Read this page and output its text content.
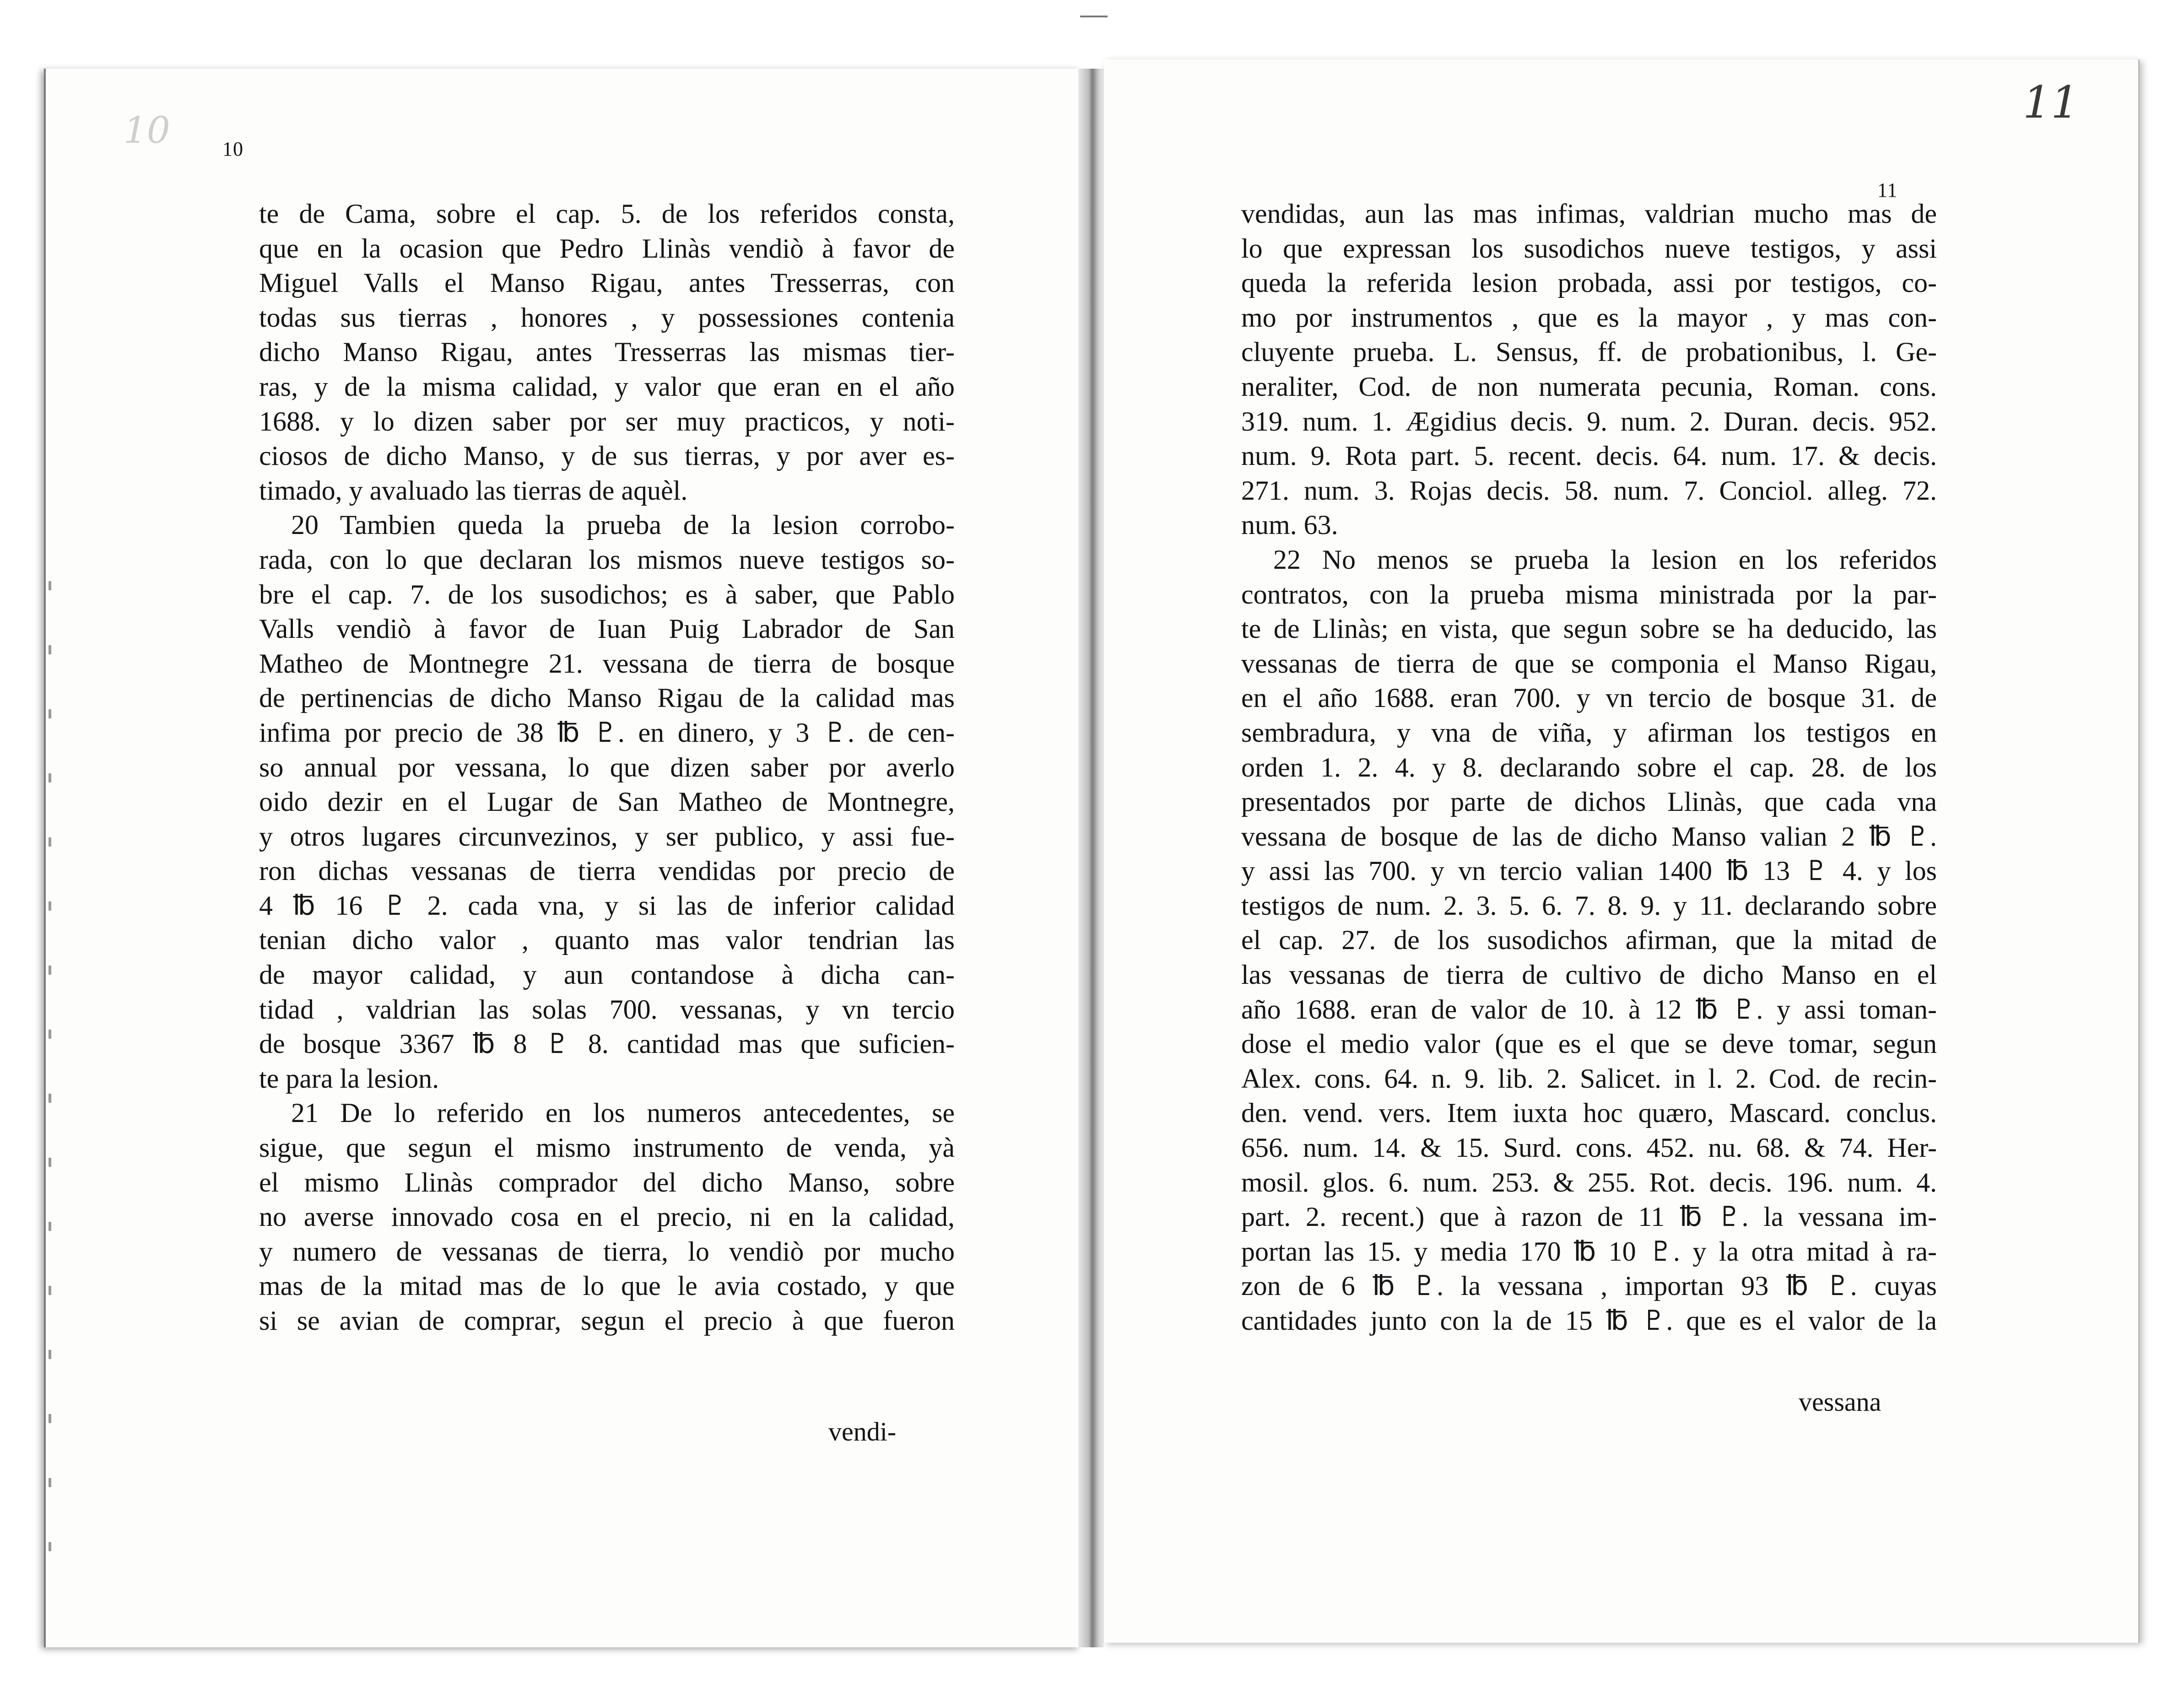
10
11
10
11
te de Cama, sobre el cap. 5. de los referidos consta,
que en la ocasion que Pedro Llinàs vendiò à favor de
Miguel Valls el Manso Rigau, antes Tresserras, con
todas sus tierras , honores , y possessiones contenia
dicho Manso Rigau, antes Tresserras las mismas tier-
ras, y de la misma calidad, y valor que eran en el año
1688. y lo dizen saber por ser muy practicos, y noti-
ciosos de dicho Manso, y de sus tierras, y por aver es-
timado, y avaluado las tierras de aquèl.
20 Tambien queda la prueba de la lesion corrobo-
rada, con lo que declaran los mismos nueve testigos so-
bre el cap. 7. de los susodichos; es à saber, que Pablo
Valls vendiò à favor de Iuan Puig Labrador de San
Matheo de Montnegre 21. vessana de tierra de bosque
de pertinencias de dicho Manso Rigau de la calidad mas
infima por precio de 38 ℔ ♇. en dinero, y 3 ♇. de cen-
so annual por vessana, lo que dizen saber por averlo
oido dezir en el Lugar de San Matheo de Montnegre,
y otros lugares circunvezinos, y ser publico, y assi fue-
ron dichas vessanas de tierra vendidas por precio de
4 ℔ 16 ♇ 2. cada vna, y si las de inferior calidad
tenian dicho valor , quanto mas valor tendrian las
de mayor calidad, y aun contandose à dicha can-
tidad , valdrian las solas 700. vessanas, y vn tercio
de bosque 3367 ℔ 8 ♇ 8. cantidad mas que suficien-
te para la lesion.
21 De lo referido en los numeros antecedentes, se
sigue, que segun el mismo instrumento de venda, yà
el mismo Llinàs comprador del dicho Manso, sobre
no averse innovado cosa en el precio, ni en la calidad,
y numero de vessanas de tierra, lo vendiò por mucho
mas de la mitad mas de lo que le avia costado, y que
si se avian de comprar, segun el precio à que fueron
vendidas, aun las mas infimas, valdrian mucho mas de
lo que expressan los susodichos nueve testigos, y assi
queda la referida lesion probada, assi por testigos, co-
mo por instrumentos , que es la mayor , y mas con-
cluyente prueba. L. Sensus, ff. de probationibus, l. Ge-
neraliter, Cod. de non numerata pecunia, Roman. cons.
319. num. 1. Ægidius decis. 9. num. 2. Duran. decis. 952.
num. 9. Rota part. 5. recent. decis. 64. num. 17. & decis.
271. num. 3. Rojas decis. 58. num. 7. Conciol. alleg. 72.
num. 63.
22 No menos se prueba la lesion en los referidos
contratos, con la prueba misma ministrada por la par-
te de Llinàs; en vista, que segun sobre se ha deducido, las
vessanas de tierra de que se componia el Manso Rigau,
en el año 1688. eran 700. y vn tercio de bosque 31. de
sembradura, y vna de viña, y afirman los testigos en
orden 1. 2. 4. y 8. declarando sobre el cap. 28. de los
presentados por parte de dichos Llinàs, que cada vna
vessana de bosque de las de dicho Manso valian 2 ℔ ♇.
y assi las 700. y vn tercio valian 1400 ℔ 13 ♇ 4. y los
testigos de num. 2. 3. 5. 6. 7. 8. 9. y 11. declarando sobre
el cap. 27. de los susodichos afirman, que la mitad de
las vessanas de tierra de cultivo de dicho Manso en el
año 1688. eran de valor de 10. à 12 ℔ ♇. y assi toman-
dose el medio valor (que es el que se deve tomar, segun
Alex. cons. 64. n. 9. lib. 2. Salicet. in l. 2. Cod. de recin-
den. vend. vers. Item iuxta hoc quæro, Mascard. conclus.
656. num. 14. & 15. Surd. cons. 452. nu. 68. & 74. Her-
mosil. glos. 6. num. 253. & 255. Rot. decis. 196. num. 4.
part. 2. recent.) que à razon de 11 ℔ ♇. la vessana im-
portan las 15. y media 170 ℔ 10 ♇. y la otra mitad à ra-
zon de 6 ℔ ♇. la vessana , importan 93 ℔ ♇. cuyas
cantidades junto con la de 15 ℔ ♇. que es el valor de la
vendi-
vessana
